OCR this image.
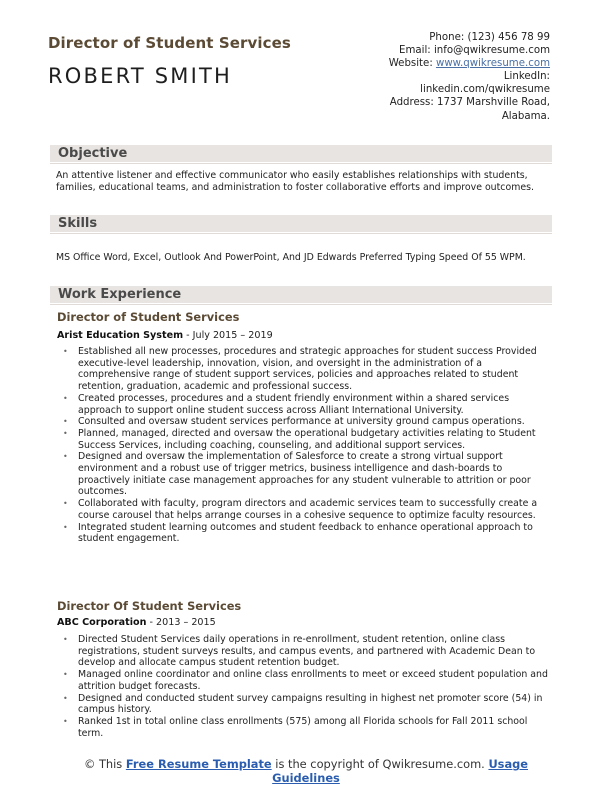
Director of Student Services
ROBERT SMITH
Phone: (123) 456 78 99
Email: info@qwikresume.com
Website: www.qwikresume.com
LinkedIn:
linkedin.com/qwikresume
Address: 1737 Marshville Road,
Alabama.
Objective
An attentive listener and effective communicator who easily establishes relationships with students, families, educational teams, and administration to foster collaborative efforts and improve outcomes.
Skills
MS Office Word, Excel, Outlook And PowerPoint, And JD Edwards Preferred Typing Speed Of 55 WPM.
Work Experience
Director of Student Services
Arist Education System - July 2015 – 2019
• Established all new processes, procedures and strategic approaches for student success Provided executive-level leadership, innovation, vision, and oversight in the administration of a comprehensive range of student support services, policies and approaches related to student retention, graduation, academic and professional success.
• Created processes, procedures and a student friendly environment within a shared services approach to support online student success across Alliant International University.
• Consulted and oversaw student services performance at university ground campus operations.
• Planned, managed, directed and oversaw the operational budgetary activities relating to Student Success Services, including coaching, counseling, and additional support services.
• Designed and oversaw the implementation of Salesforce to create a strong virtual support environment and a robust use of trigger metrics, business intelligence and dash-boards to proactively initiate case management approaches for any student vulnerable to attrition or poor outcomes.
• Collaborated with faculty, program directors and academic services team to successfully create a course carousel that helps arrange courses in a cohesive sequence to optimize faculty resources.
• Integrated student learning outcomes and student feedback to enhance operational approach to student engagement.
Director Of Student Services
ABC Corporation - 2013 – 2015
• Directed Student Services daily operations in re-enrollment, student retention, online class registrations, student surveys results, and campus events, and partnered with Academic Dean to develop and allocate campus student retention budget.
• Managed online coordinator and online class enrollments to meet or exceed student population and attrition budget forecasts.
• Designed and conducted student survey campaigns resulting in highest net promoter score (54) in campus history.
• Ranked 1st in total online class enrollments (575) among all Florida schools for Fall 2011 school term.
© This Free Resume Template is the copyright of Qwikresume.com. Usage Guidelines
